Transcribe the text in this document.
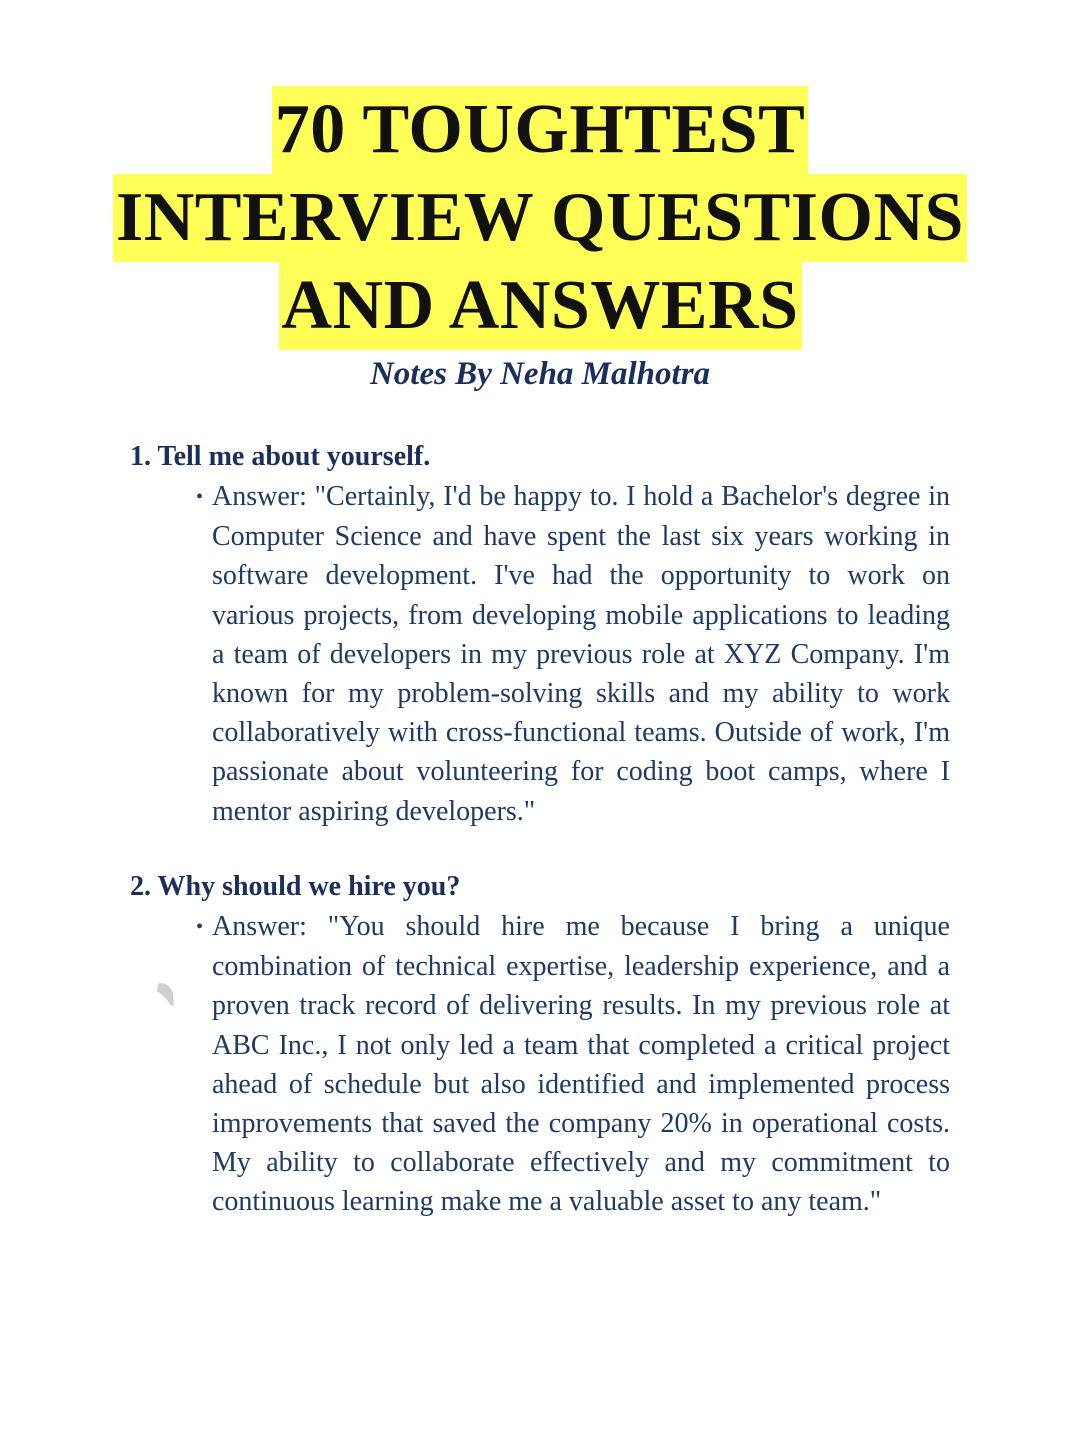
70 TOUGHTEST
INTERVIEW QUESTIONS
AND ANSWERS
Notes By Neha Malhotra

1. Tell me about yourself.

• Answer: "Certainly, I'd be happy to. I hold a Bachelor's degree in Computer Science and have spent the last six years working in software development. I've had the opportunity to work on various projects, from developing mobile applications to leading a team of developers in my previous role at XYZ Company. I'm known for my problem-solving skills and my ability to work collaboratively with cross-functional teams. Outside of work, I'm passionate about volunteering for coding boot camps, where I mentor aspiring developers."

2. Why should we hire you?

• Answer: "You should hire me because I bring a unique combination of technical expertise, leadership experience, and a proven track record of delivering results. In my previous role at ABC Inc., I not only led a team that completed a critical project ahead of schedule but also identified and implemented process improvements that saved the company 20% in operational costs. My ability to collaborate effectively and my commitment to continuous learning make me a valuable asset to any team."
